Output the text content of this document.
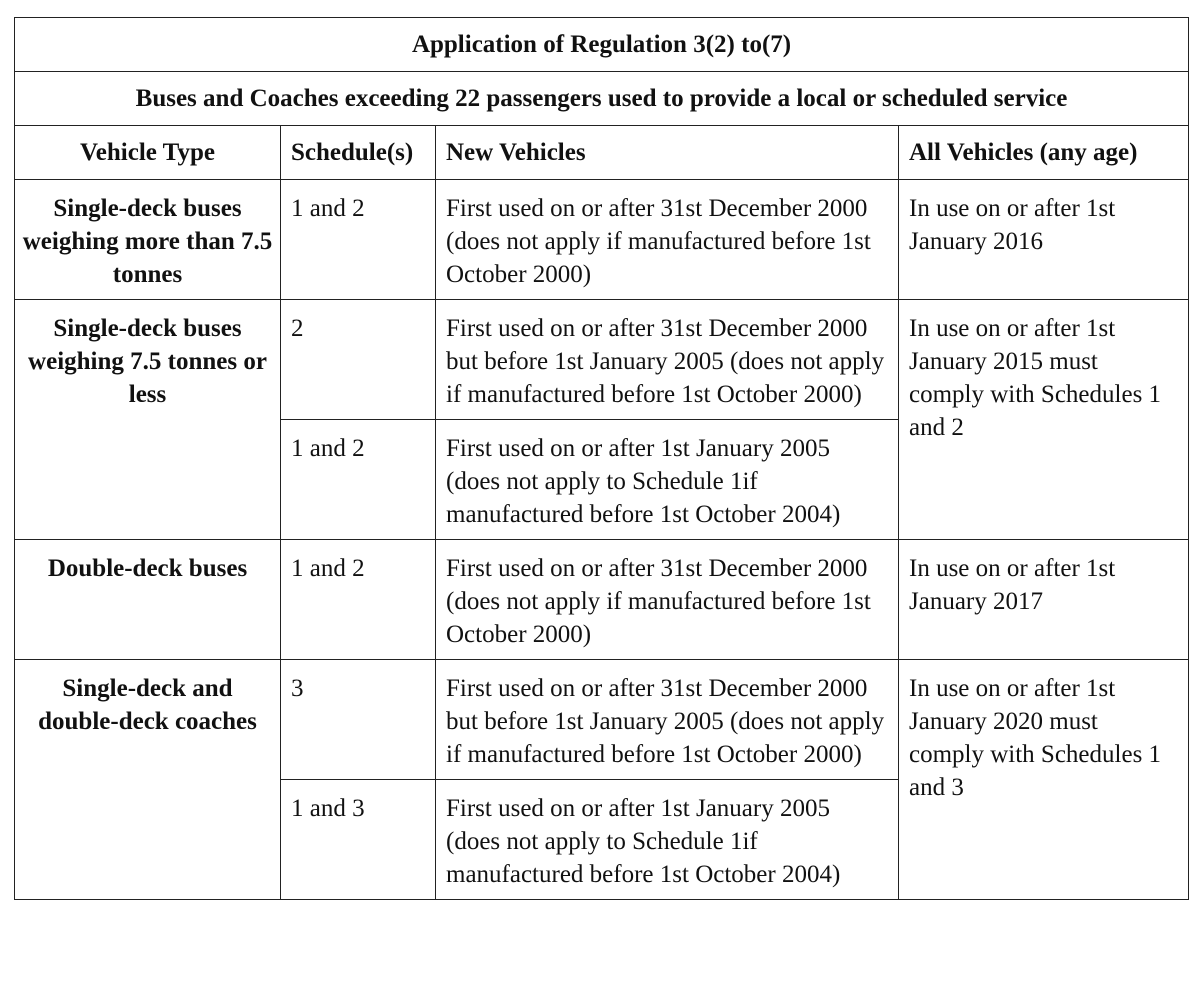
Application of Regulation 3(2) to(7)			
Buses and Coaches exceeding 22 passengers used to provide a local or scheduled service			
Vehicle Type	Schedule(s)	New Vehicles	All Vehicles (any age)
Single-deck buses weighing more than 7.5 tonnes	1 and 2	First used on or after 31st December 2000 (does not apply if manufactured before 1st October 2000)	In use on or after 1st January 2016
Single-deck buses weighing 7.5 tonnes or less	2	First used on or after 31st December 2000 but before 1st January 2005 (does not apply if manufactured before 1st October 2000)	In use on or after 1st January 2015 must comply with Schedules 1 and 2
	1 and 2	First used on or after 1st January 2005 (does not apply to Schedule 1if manufactured before 1st October 2004)	
Double-deck buses	1 and 2	First used on or after 31st December 2000 (does not apply if manufactured before 1st October 2000)	In use on or after 1st January 2017
Single-deck and double-deck coaches	3	First used on or after 31st December 2000 but before 1st January 2005 (does not apply if manufactured before 1st October 2000)	In use on or after 1st January 2020 must comply with Schedules 1 and 3
	1 and 3	First used on or after 1st January 2005 (does not apply to Schedule 1if manufactured before 1st October 2004)	
